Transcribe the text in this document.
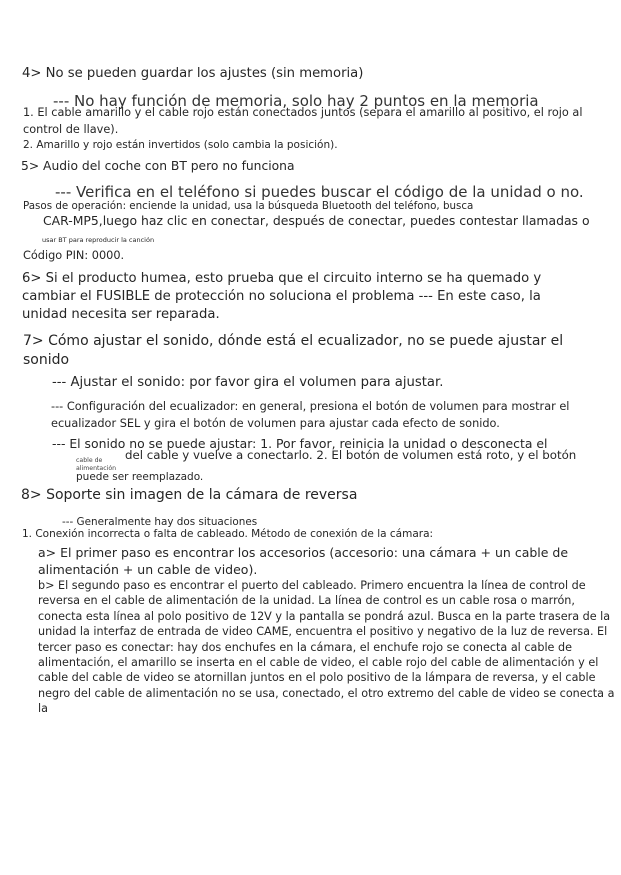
4> No se pueden guardar los ajustes (sin memoria)
--- No hay función de memoria, solo hay 2 puntos en la memoria
1. El cable amarillo y el cable rojo están conectados juntos (separa el amarillo al positivo, el rojo al control de llave).
2. Amarillo y rojo están invertidos (solo cambia la posición).
5> Audio del coche con BT pero no funciona
--- Verifica en el teléfono si puedes buscar el código de la unidad o no.
Pasos de operación: enciende la unidad, usa la búsqueda Bluetooth del teléfono, busca
CAR-MP5,luego haz clic en conectar, después de conectar, puedes contestar llamadas o
usar BT para reproducir la canción
Código PIN: 0000.
6> Si el producto humea, esto prueba que el circuito interno se ha quemado y cambiar el FUSIBLE de protección no soluciona el problema --- En este caso, la unidad necesita ser reparada.
7> Cómo ajustar el sonido, dónde está el ecualizador, no se puede ajustar el sonido
--- Ajustar el sonido: por favor gira el volumen para ajustar.
--- Configuración del ecualizador: en general, presiona el botón de volumen para mostrar el ecualizador SEL y gira el botón de volumen para ajustar cada efecto de sonido.
--- El sonido no se puede ajustar: 1. Por favor, reinicia la unidad o desconecta el
cable de alimentación
del cable y vuelve a conectarlo. 2. El botón de volumen está roto, y el botón
puede ser reemplazado.
8> Soporte sin imagen de la cámara de reversa
--- Generalmente hay dos situaciones
1. Conexión incorrecta o falta de cableado. Método de conexión de la cámara:
a> El primer paso es encontrar los accesorios (accesorio: una cámara + un cable de alimentación + un cable de video).
b> El segundo paso es encontrar el puerto del cableado. Primero encuentra la línea de control de reversa en el cable de alimentación de la unidad. La línea de control es un cable rosa o marrón, conecta esta línea al polo positivo de 12V y la pantalla se pondrá azul. Busca en la parte trasera de la unidad la interfaz de entrada de video CAME, encuentra el positivo y negativo de la luz de reversa. El tercer paso es conectar: hay dos enchufes en la cámara, el enchufe rojo se conecta al cable de alimentación, el amarillo se inserta en el cable de video, el cable rojo del cable de alimentación y el cable del cable de video se atornillan juntos en el polo positivo de la lámpara de reversa, y el cable negro del cable de alimentación no se usa, conectado, el otro extremo del cable de video se conecta a la
